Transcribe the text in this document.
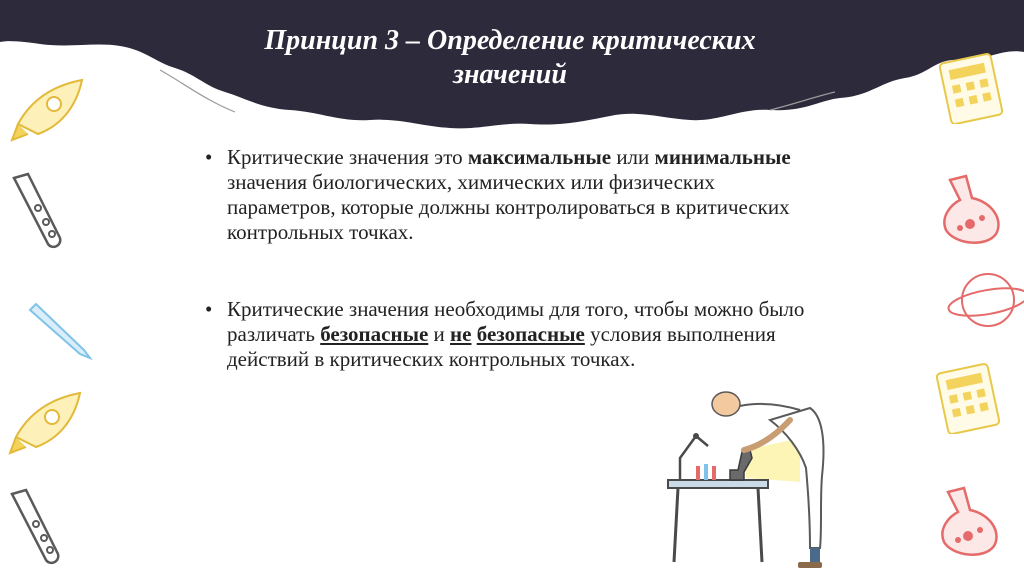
Принцип 3 – Определение критических
значений
• Критические значения это максимальные или минимальные значения биологических, химических или физических параметров, которые должны контролироваться в критических контрольных точках.
• Критические значения необходимы для того, чтобы можно было различать безопасные и не безопасные условия выполнения действий в критических контрольных точках.
